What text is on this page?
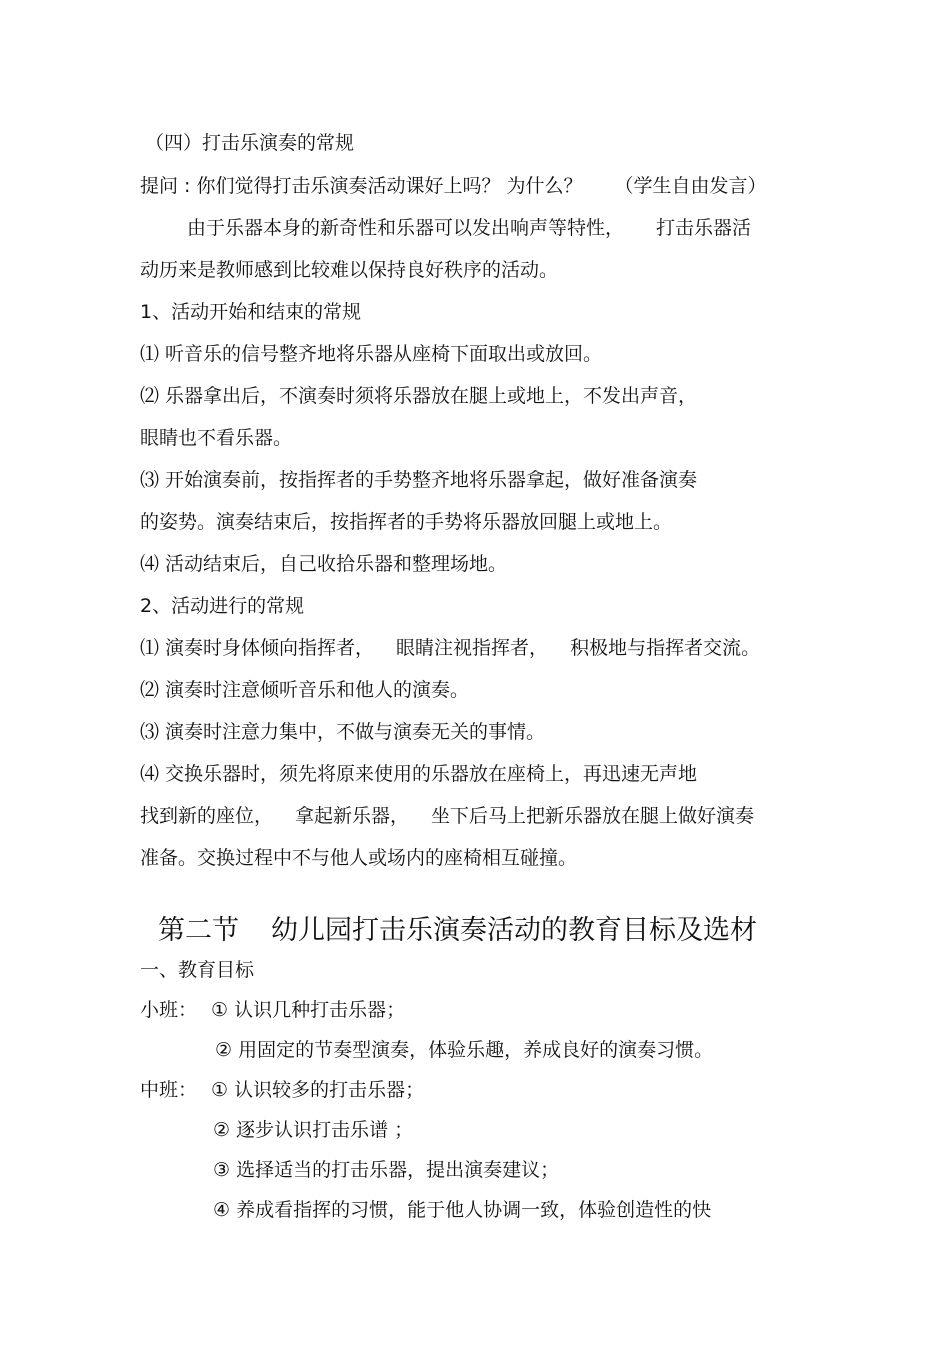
（四）打击乐演奏的常规
提问 : 你们觉得打击乐演奏活动课好上吗？ 为什么？ （学生自由发言）
由于乐器本身的新奇性和乐器可以发出响声等特性， 打击乐器活
动历来是教师感到比较难以保持良好秩序的活动。
1、活动开始和结束的常规
⑴ 听音乐的信号整齐地将乐器从座椅下面取出或放回。
⑵ 乐器拿出后，不演奏时须将乐器放在腿上或地上，不发出声音，
眼睛也不看乐器。
⑶ 开始演奏前，按指挥者的手势整齐地将乐器拿起，做好准备演奏
的姿势。演奏结束后，按指挥者的手势将乐器放回腿上或地上。
⑷ 活动结束后，自己收拾乐器和整理场地。
2、活动进行的常规
⑴ 演奏时身体倾向指挥者， 眼睛注视指挥者， 积极地与指挥者交流。
⑵ 演奏时注意倾听音乐和他人的演奏。
⑶ 演奏时注意力集中，不做与演奏无关的事情。
⑷ 交换乐器时，须先将原来使用的乐器放在座椅上，再迅速无声地
找到新的座位， 拿起新乐器， 坐下后马上把新乐器放在腿上做好演奏
准备。交换过程中不与他人或场内的座椅相互碰撞。
第二节 幼儿园打击乐演奏活动的教育目标及选材
一、教育目标
小班： ① 认识几种打击乐器；
② 用固定的节奏型演奏，体验乐趣，养成良好的演奏习惯。
中班： ① 认识较多的打击乐器；
② 逐步认识打击乐谱 ；
③ 选择适当的打击乐器，提出演奏建议；
④ 养成看指挥的习惯，能于他人协调一致，体验创造性的快
